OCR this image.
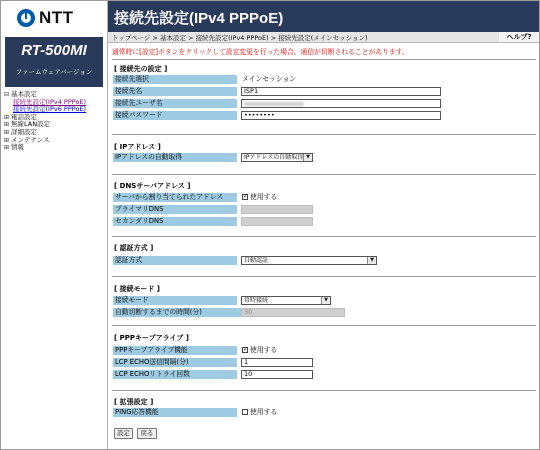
NTT
RT-500MI
ファームウェアバージョン
⊟ 基本設定
接続先設定(IPv4 PPPoE)
接続先設定(IPv6 PPPoE)
⊞ 電話設定
⊞ 無線LAN設定
⊞ 詳細設定
⊞ メンテナンス
⊞ 情報
接続先設定(IPv4 PPPoE)
トップページ > 基本設定 > 接続先設定(IPv4 PPPoE) > 接続先設定(メインセッション)	ヘルプ?
通常時に[設定]ボタンをクリックして設定変更を行った場合、通信が切断されることがあります。
[ 接続先の設定 ]
接続先選択	メインセッション
接続先名	ISP1
接続先ユーザ名
接続パスワード	••••••••
[ IPアドレス ]
IPアドレスの自動取得	IPアドレスの自動取得 ▼
[ DNSサーバアドレス ]
サーバから割り当てられたアドレス ✓	使用する
プライマリDNS
セカンダリDNS
[ 認証方式 ]
認証方式	自動認証	▼
[ 接続モード ]
接続モード	常時接続	▼
自動切断するまでの時間(分)	30
[ PPPキープアライブ ]
PPPキープアライブ機能 ✓	使用する
LCP ECHO送信間隔(分)	1
LCP ECHOリトライ回数	10
[ 拡張設定 ]
PING応答機能	使用する
設定	戻る
